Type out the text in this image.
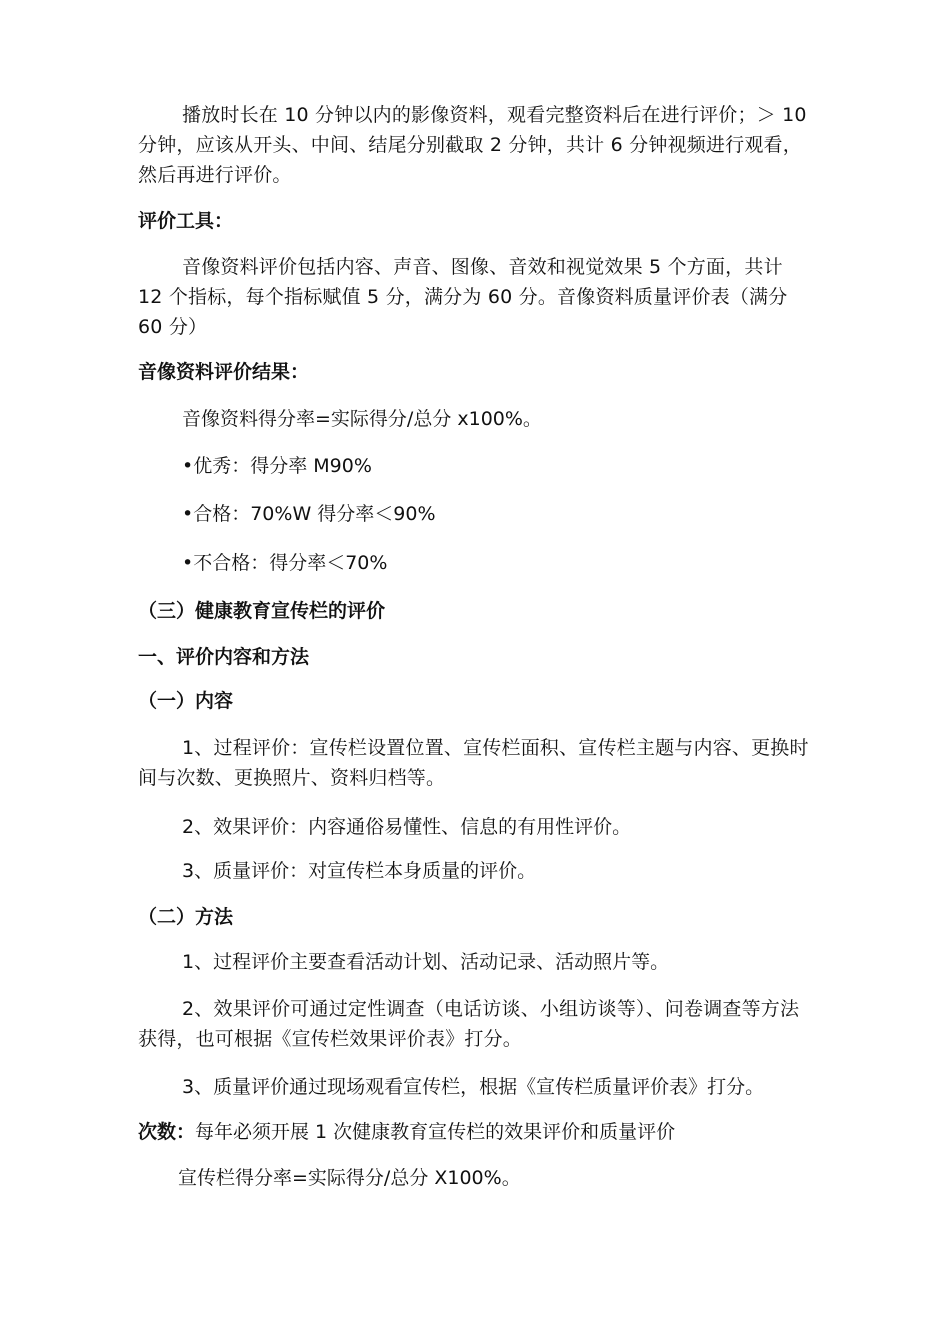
播放时长在 10 分钟以内的影像资料，观看完整资料后在进行评价；＞ 10 分钟，应该从开头、中间、结尾分别截取 2 分钟，共计 6 分钟视频进行观看，然后再进行评价。
评价工具：
音像资料评价包括内容、声音、图像、音效和视觉效果 5 个方面，共计 12 个指标，每个指标赋值 5 分，满分为 60 分。音像资料质量评价表（满分 60 分）
音像资料评价结果：
音像资料得分率=实际得分/总分 x100%。
•优秀：得分率 M90%
•合格：70%W 得分率＜90%
•不合格：得分率＜70%
（三）健康教育宣传栏的评价
一、评价内容和方法
（一）内容
1、过程评价：宣传栏设置位置、宣传栏面积、宣传栏主题与内容、更换时间与次数、更换照片、资料归档等。
2、效果评价：内容通俗易懂性、信息的有用性评价。
3、质量评价：对宣传栏本身质量的评价。
（二）方法
1、过程评价主要查看活动计划、活动记录、活动照片等。
2、效果评价可通过定性调查（电话访谈、小组访谈等）、问卷调查等方法获得，也可根据《宣传栏效果评价表》打分。
3、质量评价通过现场观看宣传栏，根据《宣传栏质量评价表》打分。
次数：每年必须开展 1 次健康教育宣传栏的效果评价和质量评价
宣传栏得分率=实际得分/总分 X100%。
